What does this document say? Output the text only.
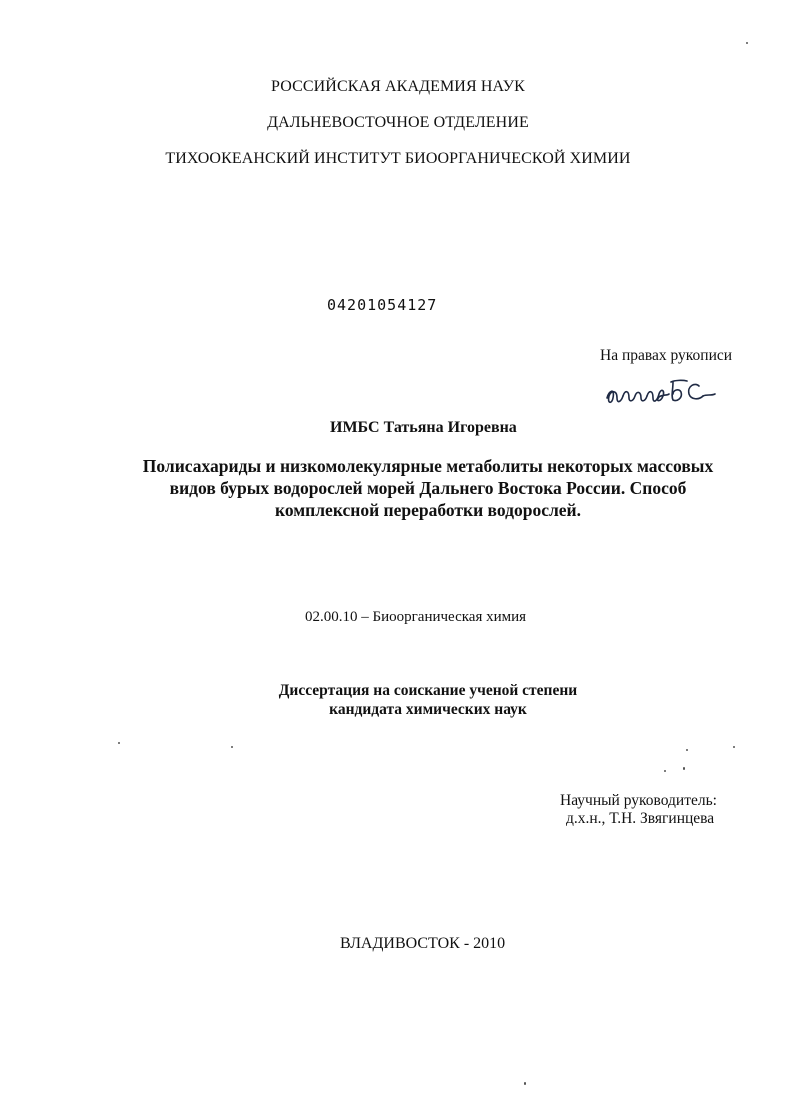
РОССИЙСКАЯ АКАДЕМИЯ НАУК
ДАЛЬНЕВОСТОЧНОЕ ОТДЕЛЕНИЕ
ТИХООКЕАНСКИЙ ИНСТИТУТ БИООРГАНИЧЕСКОЙ ХИМИИ
04201054127
На правах рукописи
ИМБС Татьяна Игоревна
Полисахариды и низкомолекулярные метаболиты некоторых массовых
видов бурых водорослей морей Дальнего Востока России. Способ
комплексной переработки водорослей.
02.00.10 – Биоорганическая химия
Диссертация на соискание ученой степени
кандидата химических наук
Научный руководитель:
д.х.н., Т.Н. Звягинцева
ВЛАДИВОСТОК - 2010
